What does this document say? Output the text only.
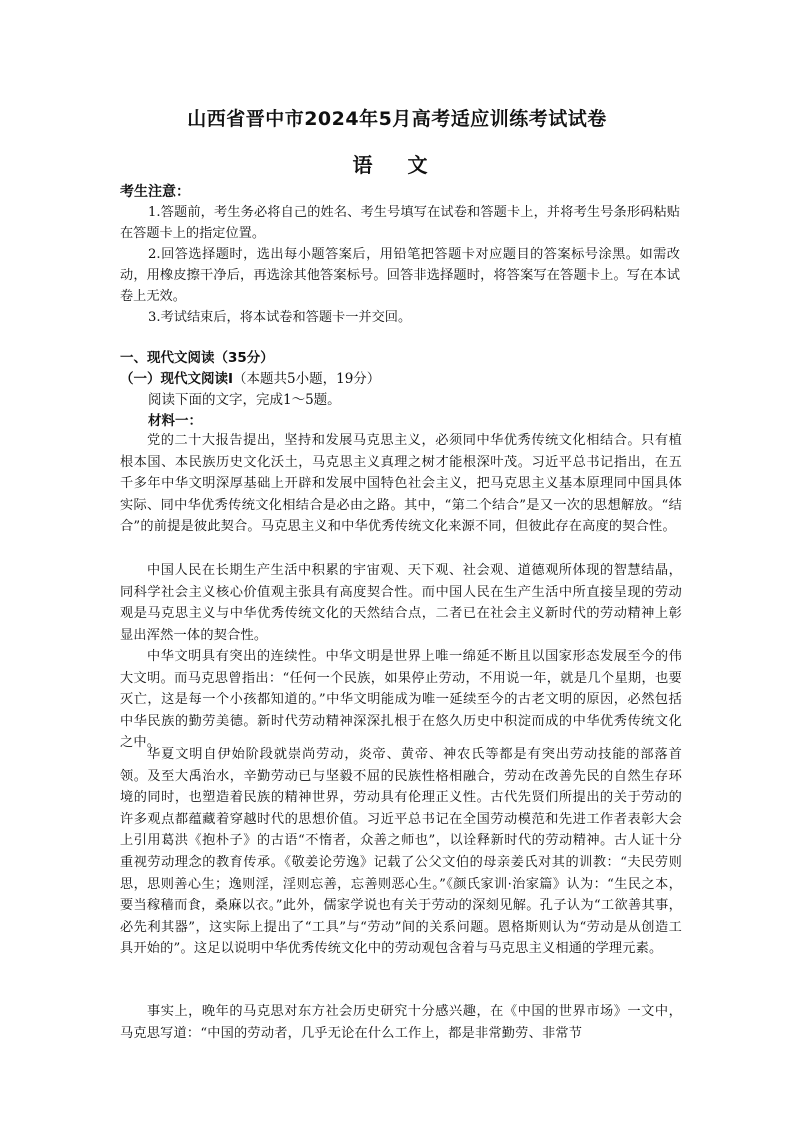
山西省晋中市2024年5月高考适应训练考试试卷
语 文
考生注意：

1.答题前，考生务必将自己的姓名、考生号填写在试卷和答题卡上，并将考生号条形码粘贴在答题卡上的指定位置。

2.回答选择题时，选出每小题答案后，用铅笔把答题卡对应题目的答案标号涂黑。如需改动，用橡皮擦干净后，再选涂其他答案标号。回答非选择题时，将答案写在答题卡上。写在本试卷上无效。

3.考试结束后，将本试卷和答题卡一并交回。

一、现代文阅读（35分）
（一）现代文阅读Ⅰ（本题共5小题，19分）
阅读下面的文字，完成1～5题。
材料一：

党的二十大报告提出，坚持和发展马克思主义，必须同中华优秀传统文化相结合。只有植根本国、本民族历史文化沃土，马克思主义真理之树才能根深叶茂。习近平总书记指出，在五千多年中华文明深厚基础上开辟和发展中国特色社会主义，把马克思主义基本原理同中国具体实际、同中华优秀传统文化相结合是必由之路。其中，“第二个结合”是又一次的思想解放。“结合”的前提是彼此契合。马克思主义和中华优秀传统文化来源不同，但彼此存在高度的契合性。

中国人民在长期生产生活中积累的宇宙观、天下观、社会观、道德观所体现的智慧结晶，同科学社会主义核心价值观主张具有高度契合性。而中国人民在生产生活中所直接呈现的劳动观是马克思主义与中华优秀传统文化的天然结合点，二者已在社会主义新时代的劳动精神上彰显出浑然一体的契合性。

中华文明具有突出的连续性。中华文明是世界上唯一绵延不断且以国家形态发展至今的伟大文明。而马克思曾指出：“任何一个民族，如果停止劳动，不用说一年，就是几个星期，也要灭亡，这是每一个小孩都知道的。”中华文明能成为唯一延续至今的古老文明的原因，必然包括中华民族的勤劳美德。新时代劳动精神深深扎根于在悠久历史中积淀而成的中华优秀传统文化之中。

华夏文明自伊始阶段就崇尚劳动，炎帝、黄帝、神农氏等都是有突出劳动技能的部落首领。及至大禹治水，辛勤劳动已与坚毅不屈的民族性格相融合，劳动在改善先民的自然生存环境的同时，也塑造着民族的精神世界，劳动具有伦理正义性。古代先贤们所提出的关于劳动的许多观点都蕴藏着穿越时代的思想价值。习近平总书记在全国劳动模范和先进工作者表彰大会上引用葛洪《抱朴子》的古语“不惰者，众善之师也”，以诠释新时代的劳动精神。古人证十分重视劳动理念的教育传承。《敬姜论劳逸》记载了公父文伯的母亲姜氏对其的训教：“夫民劳则思，思则善心生；逸则淫，淫则忘善，忘善则恶心生。”《颜氏家训·治家篇》认为：“生民之本，要当稼穑而食，桑麻以衣。”此外，儒家学说也有关于劳动的深刻见解。孔子认为“工欲善其事，必先利其器”，这实际上提出了“工具”与“劳动”间的关系问题。恩格斯则认为“劳动是从创造工具开始的”。这足以说明中华优秀传统文化中的劳动观包含着与马克思主义相通的学理元素。

事实上，晚年的马克思对东方社会历史研究十分感兴趣，在《中国的世界市场》一文中，马克思写道：“中国的劳动者，几乎无论在什么工作上，都是非常勤劳、非常节
